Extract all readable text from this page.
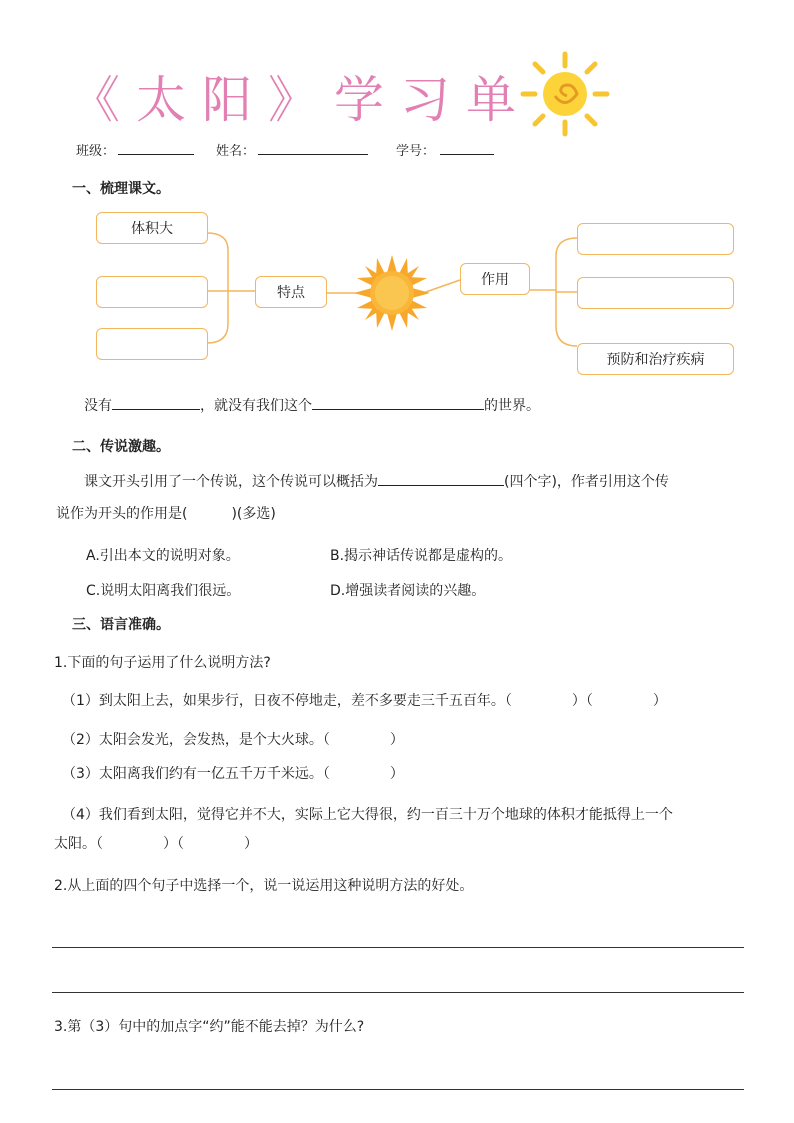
《太阳》学习单
班级：	姓名：	学号：
一、梳理课文。
体积大
特点
作用
预防和治疗疾病
没有	，就没有我们这个	的世界。
二、传说激趣。
课文开头引用了一个传说，这个传说可以概括为	(四个字)，作者引用这个传
说作为开头的作用是(	)(多选)
A.引出本文的说明对象。	B.揭示神话传说都是虚构的。
C.说明太阳离我们很远。	D.增强读者阅读的兴趣。
三、语言准确。
1.下面的句子运用了什么说明方法?
（1）到太阳上去，如果步行，日夜不停地走，差不多要走三千五百年。（	）（	）
（2）太阳会发光，会发热，是个大火球。（	）
（3）太阳离我们约有一亿五千万千米远。（	）
（4）我们看到太阳，觉得它并不大，实际上它大得很，约一百三十万个地球的体积才能抵得上一个
太阳。（	）（	）
2.从上面的四个句子中选择一个，说一说运用这种说明方法的好处。
3.第（3）句中的加点字“约”能不能去掉？为什么?
